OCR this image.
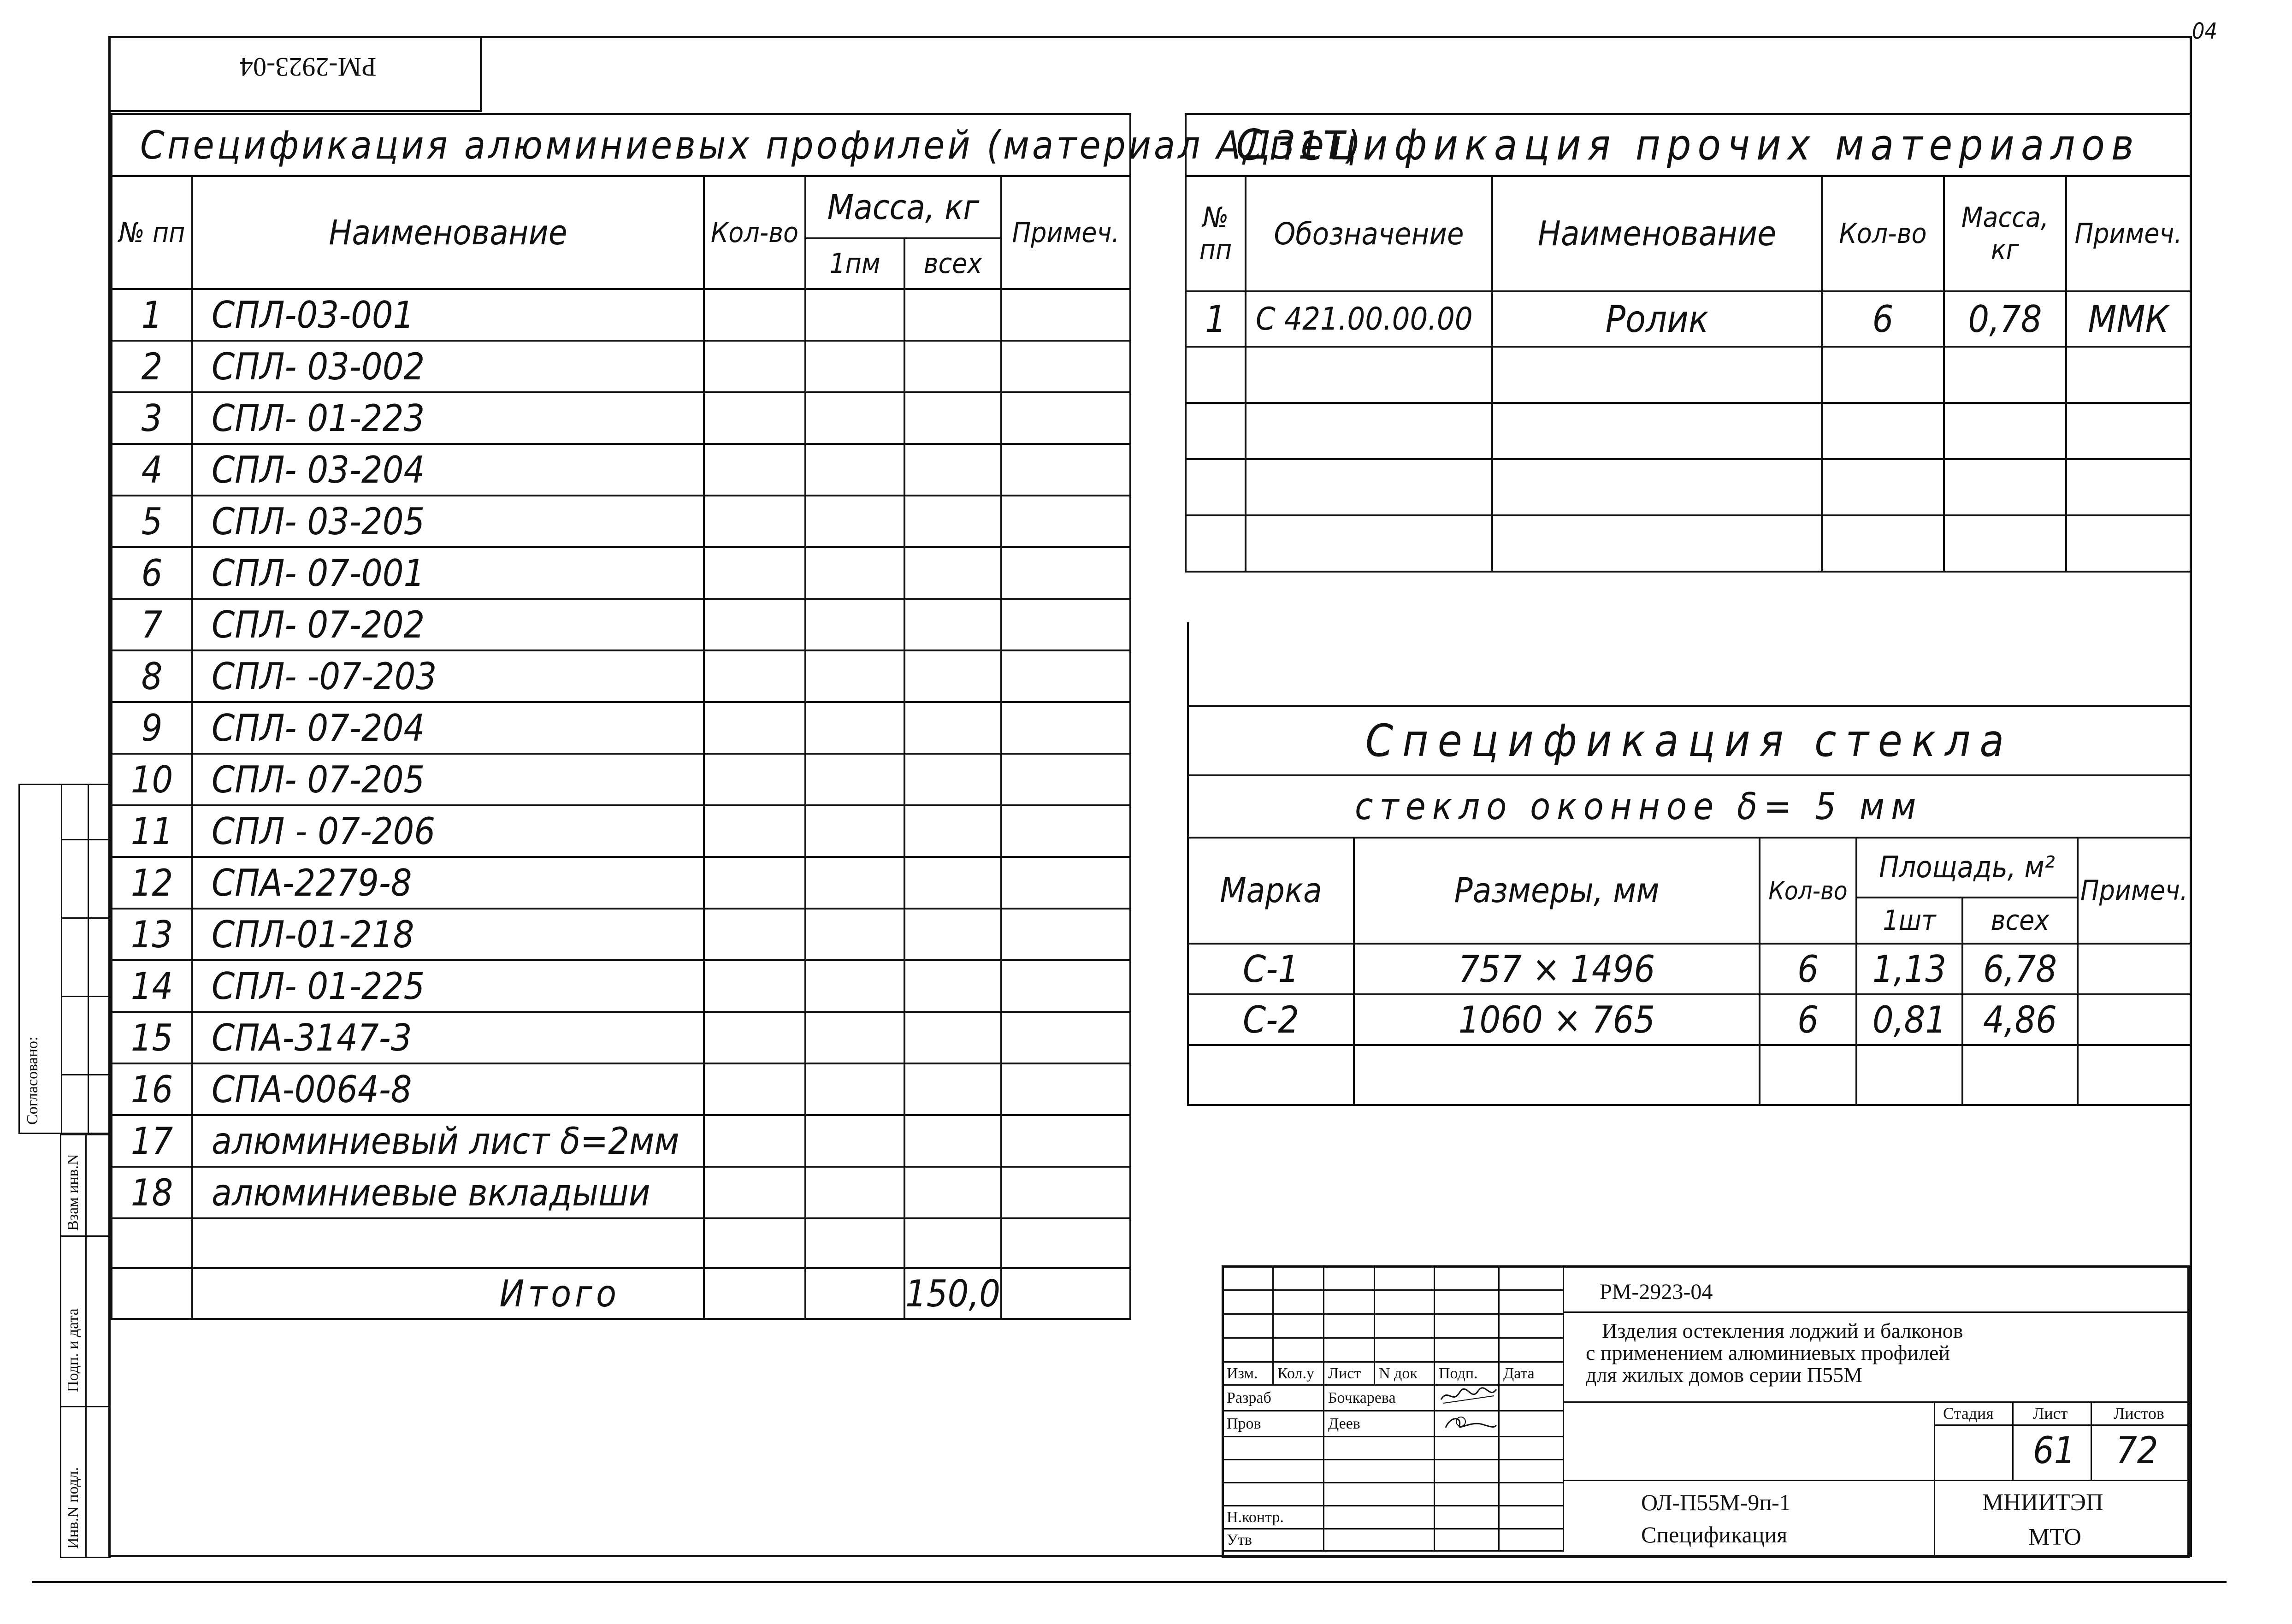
04
РМ-2923-04
Спецификация алюминиевых профилей (материал АД31Т)					
№ пп	Наименование	Кол-во	Масса, кг		Примеч.
			1пм	всех	
1	СПЛ-03-001				
2	СПЛ- 03-002				
3	СПЛ- 01-223				
4	СПЛ- 03-204				
5	СПЛ- 03-205				
6	СПЛ- 07-001				
7	СПЛ- 07-202				
8	СПЛ- -07-203				
9	СПЛ- 07-204				
10	СПЛ- 07-205				
11	СПЛ - 07-206				
12	СПА-2279-8				
13	СПЛ-01-218				
14	СПЛ- 01-225				
15	СПА-3147-3				
16	СПА-0064-8				
17	алюминиевый лист δ=2мм				
18	алюминиевые вкладыши				

	Итого			150,0	
Спецификация прочих материалов					
№ пп	Обозначение	Наименование	Кол-во	Масса, кг	Примеч.
1	С 421.00.00.00	Ролик	6	0,78	ММК

Спецификация стекла					
стекло оконное δ= 5 мм					
Марка	Размеры, мм	Кол-во	Площадь, м²		Примеч.
			1шт	всех	
С-1	757 × 1496	6	1,13	6,78	
С-2	1060 × 765	6	0,81	4,86	

Согласовано:
Взам инв.N
Подп. и дата
Инв.N подл.

Изм.	Кол.у	Лист	N док	Подп.	Дата
Разраб		Бочкарева		
Пров		Деев		

Н.контр.					
Утв					
РМ-2923-04
Изделия остекления лоджий и балконов
с применением алюминиевых профилей
для жилых домов серии П55М
Стадия Лист	Листов
61 72
ОЛ-П55М-9п-1
Спецификация
МНИИТЭП
МТО
